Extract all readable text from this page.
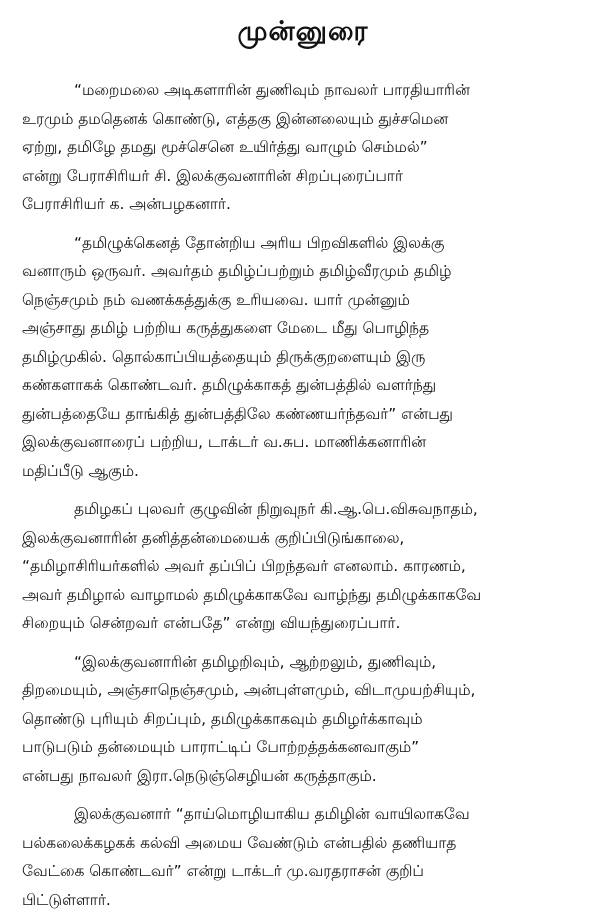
முன்னுரை
“மறைமலை அடிகளாரின் துணிவும் நாவலர் பாரதியாரின்
உரமும் தமதெனக் கொண்டு, எத்தகு இன்னலையும் துச்சமென
ஏற்று, தமிழே தமது மூச்செனெ உயிர்த்து வாழும் செம்மல்”
என்று பேராசிரியர் சி. இலக்குவனாரின் சிறப்புரைப்பார்
பேராசிரியர் க. அன்பழகனார்.
“தமிழுக்கெனத் தோன்றிய அரிய பிறவிகளில் இலக்கு
வனாரும் ஒருவர். அவர்தம் தமிழ்ப்பற்றும் தமிழ்வீரமும் தமிழ்
நெஞ்சமும் நம் வணக்கத்துக்கு உரியவை. யார் முன்னும்
அஞ்சாது தமிழ் பற்றிய கருத்துகளை மேடை மீது பொழிந்த
தமிழ்முகில். தொல்காப்பியத்தையும் திருக்குறளையும் இரு
கண்களாகக் கொண்டவர். தமிழுக்காகத் துன்பத்தில் வளர்ந்து
துன்பத்தையே தாங்கித் துன்பத்திலே கண்ணயர்ந்தவர்” என்பது
இலக்குவனாரைப் பற்றிய, டாக்டர் வ.சுப. மாணிக்கனாரின்
மதிப்பீடு ஆகும்.
தமிழகப் புலவர் குழுவின் நிறுவுநர் கி.ஆ.பெ.விசுவநாதம்,
இலக்குவனாரின் தனித்தன்மையைக் குறிப்பிடுங்காலை,
“தமிழாசிரியர்களில் அவர் தப்பிப் பிறந்தவர் எனலாம். காரணம்,
அவர் தமிழால் வாழாமல் தமிழுக்காகவே வாழ்ந்து தமிழுக்காகவே
சிறையும் சென்றவர் என்பதே” என்று வியந்துரைப்பார்.
“இலக்குவனாரின் தமிழறிவும், ஆற்றலும், துணிவும்,
திறமையும், அஞ்சாநெஞ்சமும், அன்புள்ளமும், விடாமுயற்சியும்,
தொண்டு புரியும் சிறப்பும், தமிழுக்காகவும் தமிழர்க்காவும்
பாடுபடும் தன்மையும் பாராட்டிப் போற்றத்தக்கனவாகும்”
என்பது நாவலர் இரா.நெடுஞ்செழியன் கருத்தாகும்.
இலக்குவனார் “தாய்மொழியாகிய தமிழின் வாயிலாகவே
பல்கலைக்கழகக் கல்வி அமைய வேண்டும் என்பதில் தணியாத
வேட்கை கொண்டவர்” என்று டாக்டர் மு.வரதராசன் குறிப்
பிட்டுள்ளார்.
